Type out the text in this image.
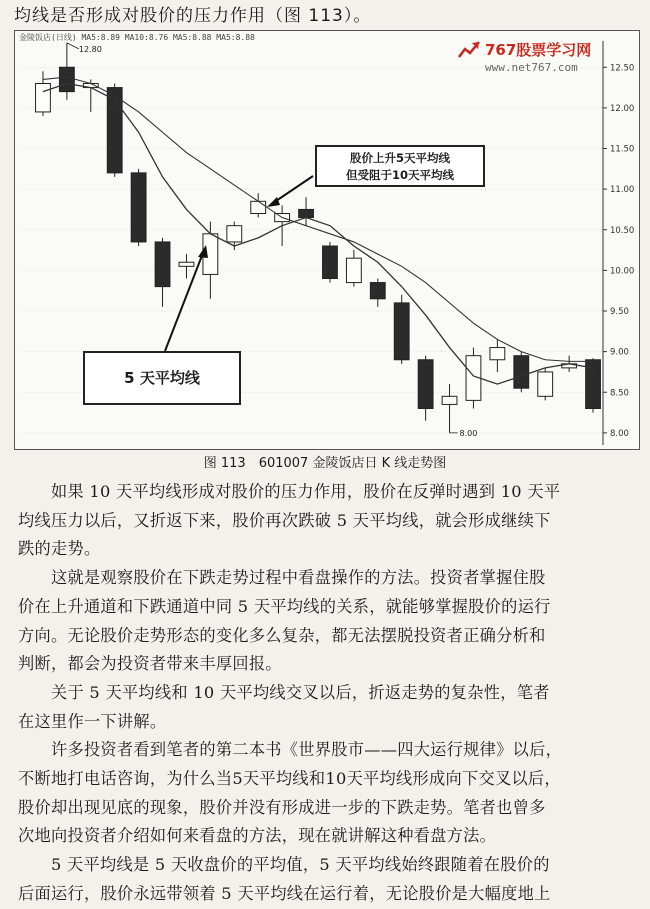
均线是否形成对股价的压力作用（图 113）。
12.50
12.00
11.50
11.00
10.50
10.00
9.50
9.00
8.50
8.00
12.80
8.00
金陵饭店(日线) MA5:8.89 MA10:8.76 MA5:8.88 MA5:8.88
767股票学习网
www.net767.com
股价上升5天平均线
但受阻于10天平均线
5 天平均线
图 113　601007 金陵饭店日 K 线走势图

　　如果 10 天平均线形成对股价的压力作用，股价在反弹时遇到 10 天平

均线压力以后，又折返下来，股价再次跌破 5 天平均线，就会形成继续下

跌的走势。

　　这就是观察股价在下跌走势过程中看盘操作的方法。投资者掌握住股

价在上升通道和下跌通道中同 5 天平均线的关系，就能够掌握股价的运行

方向。无论股价走势形态的变化多么复杂，都无法摆脱投资者正确分析和

判断，都会为投资者带来丰厚回报。

　　关于 5 天平均线和 10 天平均线交叉以后，折返走势的复杂性，笔者

在这里作一下讲解。

　　许多投资者看到笔者的第二本书《世界股市——四大运行规律》以后，

不断地打电话咨询，为什么当5天平均线和10天平均线形成向下交叉以后，

股价却出现见底的现象，股价并没有形成进一步的下跌走势。笔者也曾多

次地向投资者介绍如何来看盘的方法，现在就讲解这种看盘方法。

　　5 天平均线是 5 天收盘价的平均值，5 天平均线始终跟随着在股价的

后面运行，股价永远带领着 5 天平均线在运行着，无论股价是大幅度地上
